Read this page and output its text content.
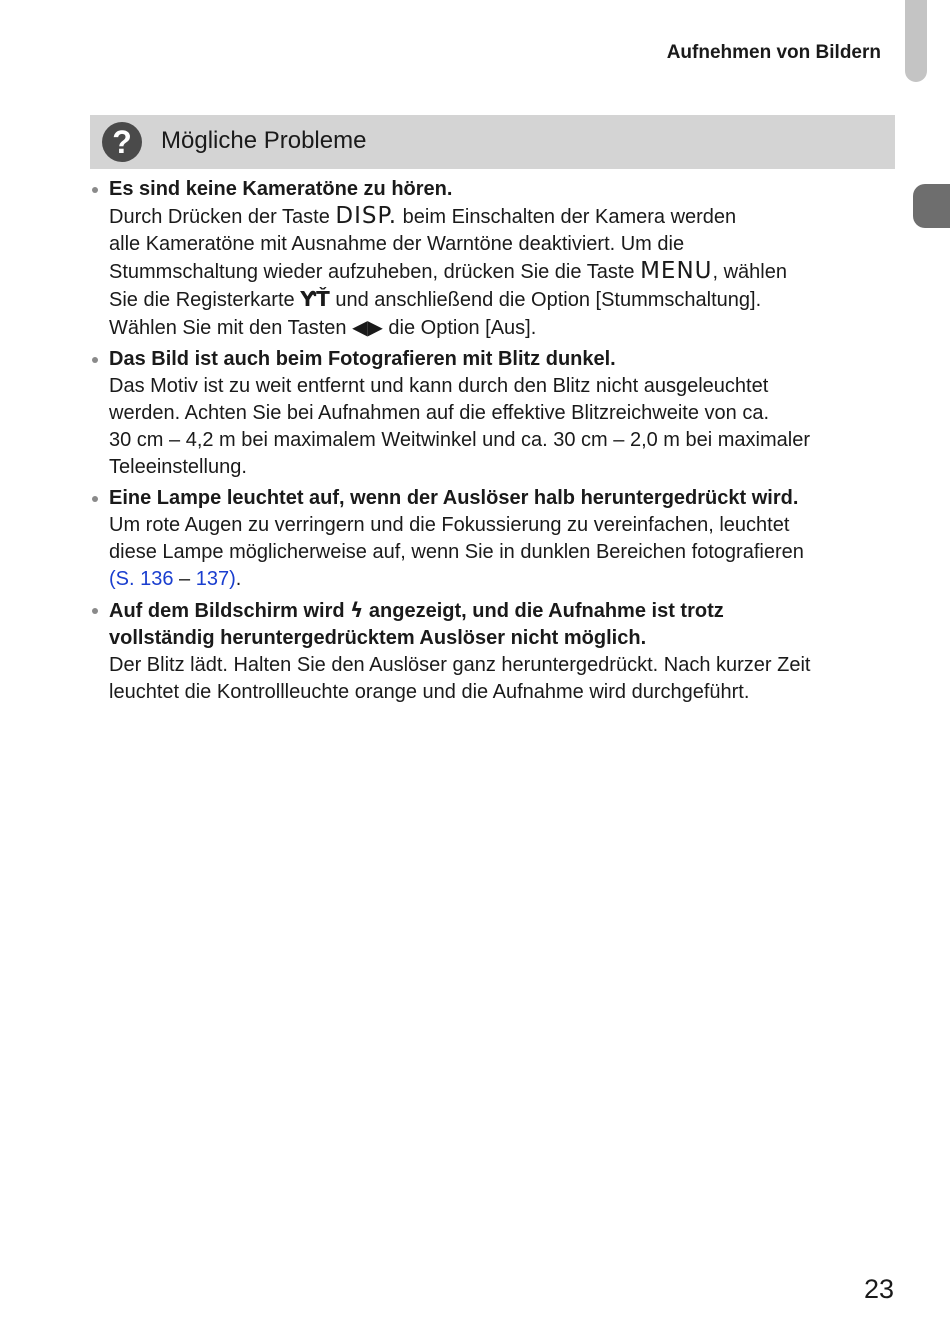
Aufnehmen von Bildern
?	Mögliche Probleme
Es sind keine Kameratöne zu hören.
Durch Drücken der Taste DISP. beim Einschalten der Kamera werden
alle Kameratöne mit Ausnahme der Warntöne deaktiviert. Um die
Stummschaltung wieder aufzuheben, drücken Sie die Taste MENU, wählen
Sie die Registerkarte ƳŤ und anschließend die Option [Stummschaltung].
Wählen Sie mit den Tasten ◀▶ die Option [Aus].
Das Bild ist auch beim Fotografieren mit Blitz dunkel.
Das Motiv ist zu weit entfernt und kann durch den Blitz nicht ausgeleuchtet
werden. Achten Sie bei Aufnahmen auf die effektive Blitzreichweite von ca.
30 cm – 4,2 m bei maximalem Weitwinkel und ca. 30 cm – 2,0 m bei maximaler
Teleeinstellung.
Eine Lampe leuchtet auf, wenn der Auslöser halb heruntergedrückt wird.
Um rote Augen zu verringern und die Fokussierung zu vereinfachen, leuchtet
diese Lampe möglicherweise auf, wenn Sie in dunklen Bereichen fotografieren
(S. 136 – 137).
Auf dem Bildschirm wird ϟ angezeigt, und die Aufnahme ist trotz
vollständig heruntergedrücktem Auslöser nicht möglich.
Der Blitz lädt. Halten Sie den Auslöser ganz heruntergedrückt. Nach kurzer Zeit
leuchtet die Kontrollleuchte orange und die Aufnahme wird durchgeführt.
23
